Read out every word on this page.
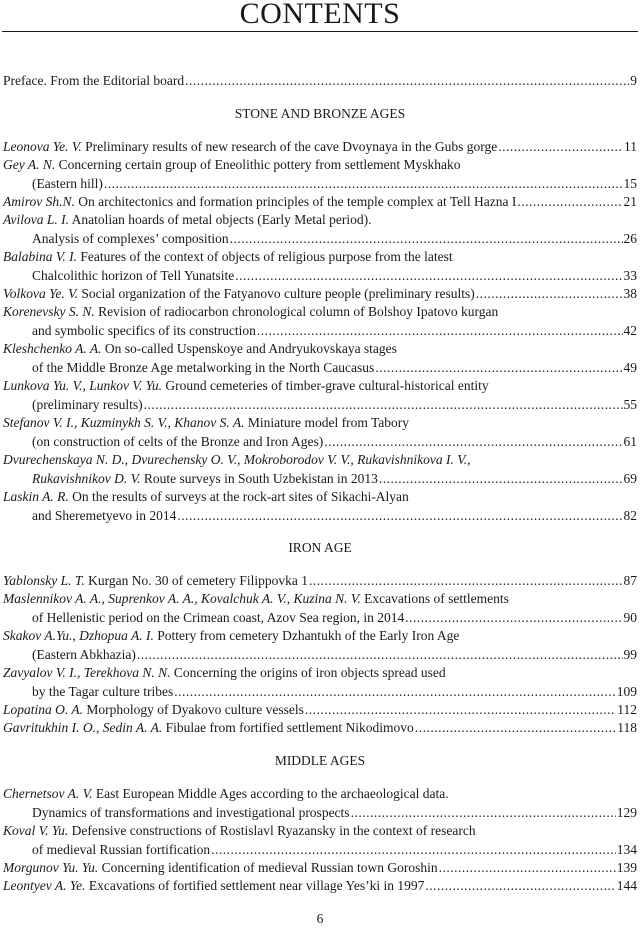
CONTENTS
Preface. From the Editorial board .....	9
STONE AND BRONZE AGES
Leonova Ye. V. Preliminary results of new research of the cave Dvoynaya in the Gubs gorge .....	11
Gey A. N. Concerning certain group of Eneolithic pottery from settlement Myskhako
(Eastern hill) .....	15
Amirov Sh.N. On architectonics and formation principles of the temple complex at Tell Hazna I .....	21
Avilova L. I. Anatolian hoards of metal objects (Early Metal period).
Analysis of complexes’ composition .....	26
Balabina V. I. Features of the context of objects of religious purpose from the latest
Chalcolithic horizon of Tell Yunatsite .....	33
Volkova Ye. V. Social organization of the Fatyanovo culture people (preliminary results) .....	38
Korenevsky S. N. Revision of radiocarbon chronological column of Bolshoy Ipatovo kurgan
and symbolic specifics of its construction .....	42
Kleshchenko A. A. On so-called Uspenskoye and Andryukovskaya stages
of the Middle Bronze Age metalworking in the North Caucasus .....	49
Lunkova Yu. V., Lunkov V. Yu. Ground cemeteries of timber-grave cultural-historical entity
(preliminary results) .....	55
Stefanov V. I., Kuzminykh S. V., Khanov S. A. Miniature model from Tabory
(on construction of celts of the Bronze and Iron Ages) .....	61
Dvurechenskaya N. D., Dvurechensky O. V., Mokroborodov V. V., Rukavishnikova I. V.,
Rukavishnikov D. V. Route surveys in South Uzbekistan in 2013 .....	69
Laskin A. R. On the results of surveys at the rock-art sites of Sikachi-Alyan
and Sheremetyevo in 2014 .....	82
IRON AGE
Yablonsky L. T. Kurgan No. 30 of cemetery Filippovka 1 .....	87
Maslennikov A. A., Suprenkov A. A., Kovalchuk A. V., Kuzina N. V. Excavations of settlements
of Hellenistic period on the Crimean coast, Azov Sea region, in 2014 .....	90
Skakov A.Yu., Dzhopua A. I. Pottery from cemetery Dzhantukh of the Early Iron Age
(Eastern Abkhazia) .....	99
Zavyalov V. I., Terekhova N. N. Concerning the origins of iron objects spread used
by the Tagar culture tribes .....	109
Lopatina O. A. Morphology of Dyakovo culture vessels .....	112
Gavritukhin I. O., Sedin A. A. Fibulae from fortified settlement Nikodimovo .....	118
MIDDLE AGES
Chernetsov A. V. East European Middle Ages according to the archaeological data.
Dynamics of transformations and investigational prospects .....	129
Koval V. Yu. Defensive constructions of Rostislavl Ryazansky in the context of research
of medieval Russian fortification .....	134
Morgunov Yu. Yu. Concerning identification of medieval Russian town Goroshin .....	139
Leontyev A. Ye. Excavations of fortified settlement near village Yes’ki in 1997 .....	144
6
